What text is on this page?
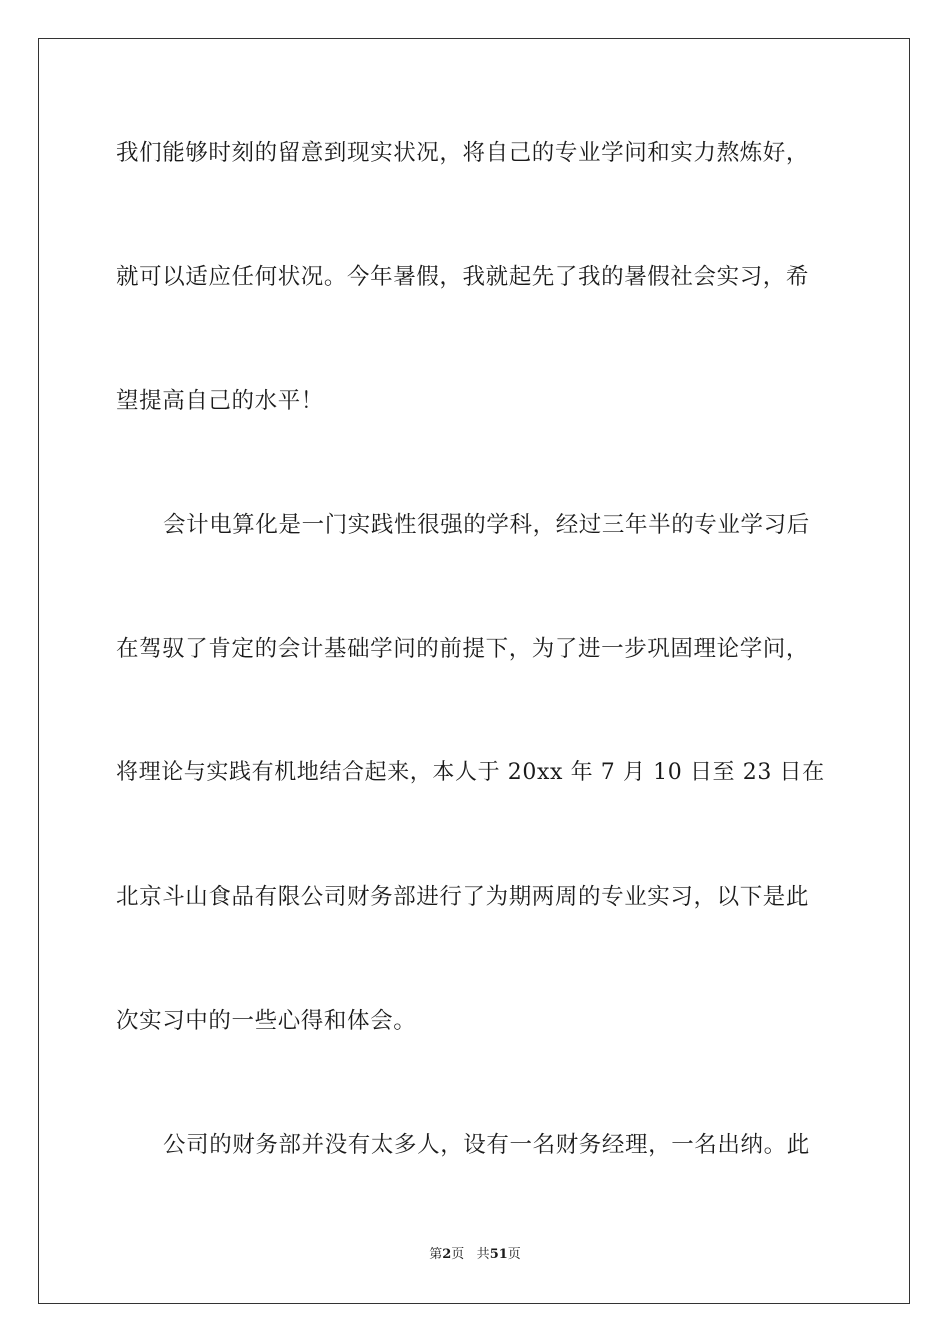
我们能够时刻的留意到现实状况，将自己的专业学问和实力熬炼好，
就可以适应任何状况。今年暑假，我就起先了我的暑假社会实习，希
望提高自己的水平！
会计电算化是一门实践性很强的学科，经过三年半的专业学习后
在驾驭了肯定的会计基础学问的前提下，为了进一步巩固理论学问，
将理论与实践有机地结合起来，本人于 20xx 年 7 月 10 日至 23 日在
北京斗山食品有限公司财务部进行了为期两周的专业实习，以下是此
次实习中的一些心得和体会。
公司的财务部并没有太多人，设有一名财务经理，一名出纳。此
第2页 共51页
